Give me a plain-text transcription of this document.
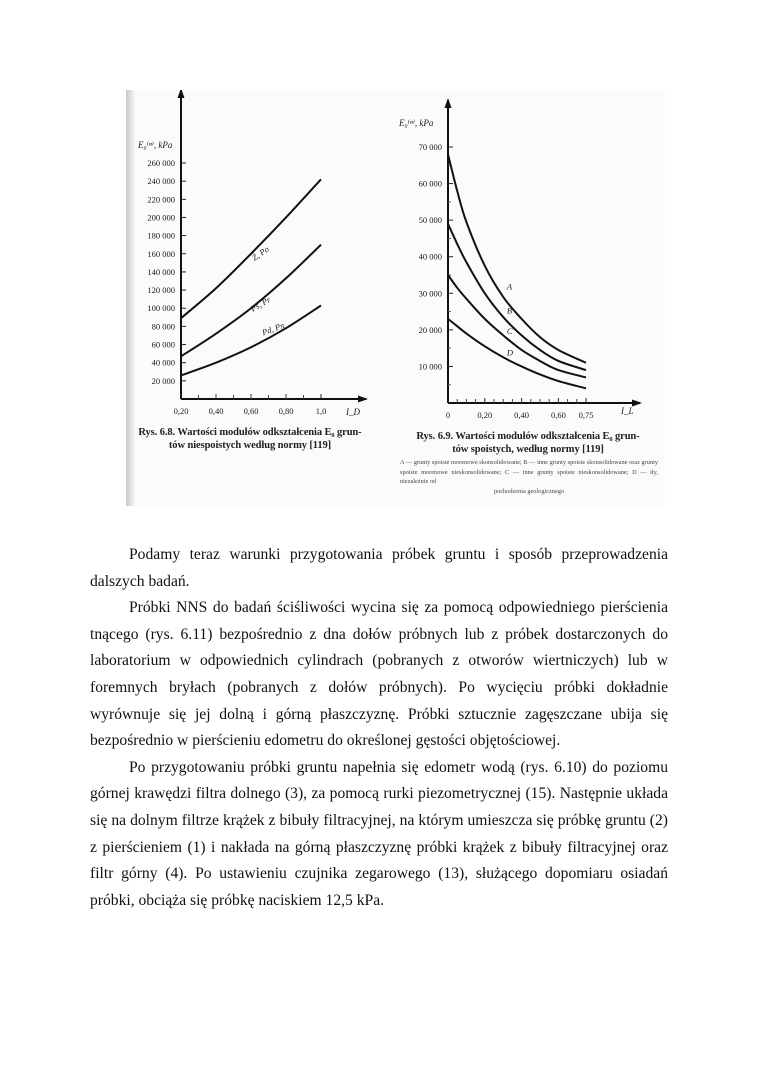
20 000
40 000
60 000
80 000
100 000
120 000
140 000
160 000
180 000
200 000
220 000
240 000
260 000
0,20 0,40 0,60 0,80	1,0
E₀⁽ⁿ⁾, kPa
I_D
Ż, Po
Ps, Pr
Pd, Pπ
10 000
20 000
30 000
40 000
50 000
60 000
70 000
0	0,20	0,40	0,60 0,75
E₀⁽ⁿ⁾, kPa
I_L
A
B
C
D
Rys. 6.8. Wartości modułów odkształcenia E₀ grun-
tów niespoistych według normy [119]
Rys. 6.9. Wartości modułów odkształcenia E₀ grun-
tów spoistych, według normy [119]
A — grunty spoiste morenowe skonsolidowane; B — inne grunty spoiste skonsolidowane oraz grunty spoiste morenowe nieskonsolidowane; C — inne grunty spoiste nieskonsolidowane; D — iły, niezależnie od
pochodzenia geologicznego

Podamy teraz warunki przygotowania próbek gruntu i sposób przeprowadzenia dalszych badań.

Próbki NNS do badań ściśliwości wycina się za pomocą odpowiedniego pierścienia tnącego (rys. 6.11) bezpośrednio z dna dołów próbnych lub z próbek dostarczonych do laboratorium w odpowiednich cylindrach (pobranych z otworów wiertniczych) lub w foremnych bryłach (pobranych z dołów próbnych). Po wycięciu próbki dokładnie wyrównuje się jej dolną i górną płaszczyznę. Próbki sztucznie zagęszczane ubija się bezpośrednio w pierścieniu edometru do określonej gęstości objętościowej.

Po przygotowaniu próbki gruntu napełnia się edometr wodą (rys. 6.10) do poziomu górnej krawędzi filtra dolnego (3), za pomocą rurki piezometrycznej (15). Następnie układa się na dolnym filtrze krążek z bibuły filtracyjnej, na którym umieszcza się próbkę gruntu (2) z pierścieniem (1) i nakłada na górną płaszczyznę próbki krążek z bibuły filtracyjnej oraz filtr górny (4). Po ustawieniu czujnika zegarowego (13), służącego dopomiaru osiadań próbki, obciąża się próbkę naciskiem 12,5 kPa.
